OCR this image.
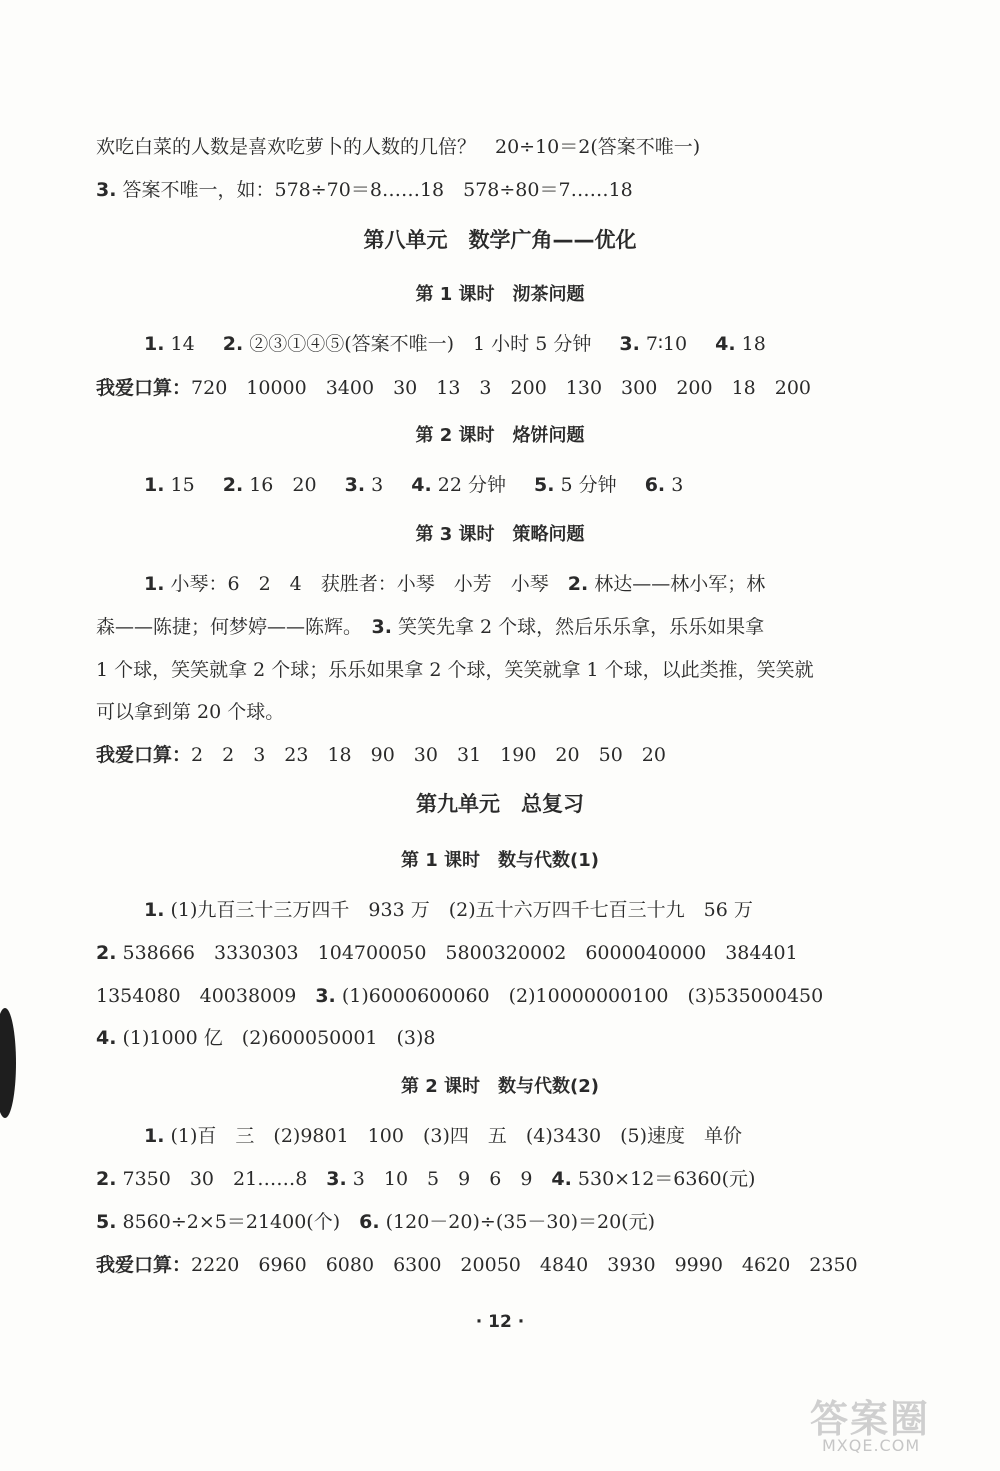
欢吃白菜的人数是喜欢吃萝卜的人数的几倍？　20÷10＝2(答案不唯一)
3. 答案不唯一，如：578÷70＝8……18　578÷80＝7……18
第八单元　数学广角——优化
第 1 课时　沏茶问题
1. 14 2. ②③①④⑤(答案不唯一)　1 小时 5 分钟 3. 7∶10 4. 18
我爱口算：720　10000　3400　30　13　3　200　130　300　200　18　200
第 2 课时　烙饼问题
1. 15 2. 16　20 3. 3 4. 22 分钟 5. 5 分钟 6. 3
第 3 课时　策略问题
1. 小琴：6　2　4　获胜者：小琴　小芳　小琴　2. 林达——林小军；林
森——陈捷；何梦婷——陈辉。　3. 笑笑先拿 2 个球，然后乐乐拿，乐乐如果拿
1 个球，笑笑就拿 2 个球；乐乐如果拿 2 个球，笑笑就拿 1 个球，以此类推，笑笑就
可以拿到第 20 个球。
我爱口算：2　2　3　23　18　90　30　31　190　20　50　20
第九单元　总复习
第 1 课时　数与代数(1)
1. (1)九百三十三万四千　933 万　(2)五十六万四千七百三十九　56 万
2. 538666　3330303　104700050　5800320002　6000040000　384401
1354080　40038009　3. (1)6000600060　(2)10000000100　(3)535000450
4. (1)1000 亿　(2)600050001　(3)8
第 2 课时　数与代数(2)
1. (1)百　三　(2)9801　100　(3)四　五　(4)3430　(5)速度　单价
2. 7350　30　21……8　3. 3　10　5　9　6　9　4. 530×12＝6360(元)
5. 8560÷2×5＝21400(个)　6. (120－20)÷(35－30)＝20(元)
我爱口算：2220　6960　6080　6300　20050　4840　3930　9990　4620　2350
· 12 ·
答案圈
MXQE.COM
